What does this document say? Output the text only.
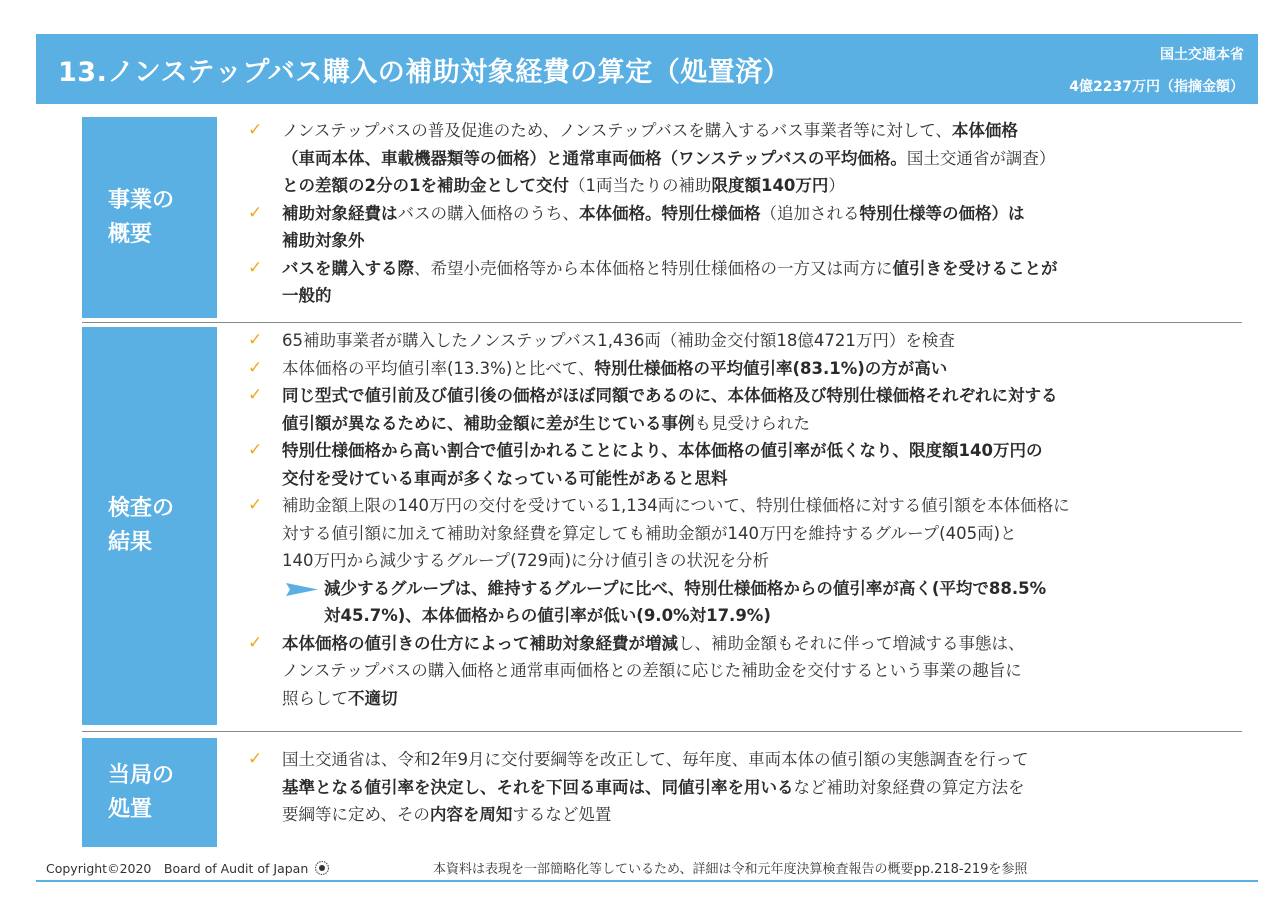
13.ノンステップバス購入の補助対象経費の算定（処置済）
国土交通本省
4億2237万円（指摘金額）
事業の
概要
✓ ノンステップバスの普及促進のため、ノンステップバスを購入するバス事業者等に対して、本体価格
（車両本体、車載機器類等の価格）と通常車両価格（ワンステップバスの平均価格。国土交通省が調査）
との差額の2分の1を補助金として交付（1両当たりの補助限度額140万円）
✓ 補助対象経費はバスの購入価格のうち、本体価格。特別仕様価格（追加される特別仕様等の価格）は
補助対象外
✓ バスを購入する際、希望小売価格等から本体価格と特別仕様価格の一方又は両方に値引きを受けることが
一般的
検査の
結果
✓ 65補助事業者が購入したノンステップバス1,436両（補助金交付額18億4721万円）を検査
✓ 本体価格の平均値引率(13.3%)と比べて、特別仕様価格の平均値引率(83.1%)の方が高い
✓ 同じ型式で値引前及び値引後の価格がほぼ同額であるのに、本体価格及び特別仕様価格それぞれに対する
値引額が異なるために、補助金額に差が生じている事例も見受けられた
✓ 特別仕様価格から高い割合で値引かれることにより、本体価格の値引率が低くなり、限度額140万円の
交付を受けている車両が多くなっている可能性があると思料
✓ 補助金額上限の140万円の交付を受けている1,134両について、特別仕様価格に対する値引額を本体価格に
対する値引額に加えて補助対象経費を算定しても補助金額が140万円を維持するグループ(405両)と
140万円から減少するグループ(729両)に分け値引きの状況を分析
減少するグループは、維持するグループに比べ、特別仕様価格からの値引率が高く(平均で88.5%
対45.7%)、本体価格からの値引率が低い(9.0%対17.9%)
✓ 本体価格の値引きの仕方によって補助対象経費が増減し、補助金額もそれに伴って増減する事態は、
ノンステップバスの購入価格と通常車両価格との差額に応じた補助金を交付するという事業の趣旨に
照らして不適切
当局の
処置
✓ 国土交通省は、令和2年9月に交付要綱等を改正して、毎年度、車両本体の値引額の実態調査を行って
基準となる値引率を決定し、それを下回る車両は、同値引率を用いるなど補助対象経費の算定方法を
要綱等に定め、その内容を周知するなど処置
Copyright©2020　Board of Audit of Japan	本資料は表現を一部簡略化等しているため、詳細は令和元年度決算検査報告の概要pp.218-219を参照
